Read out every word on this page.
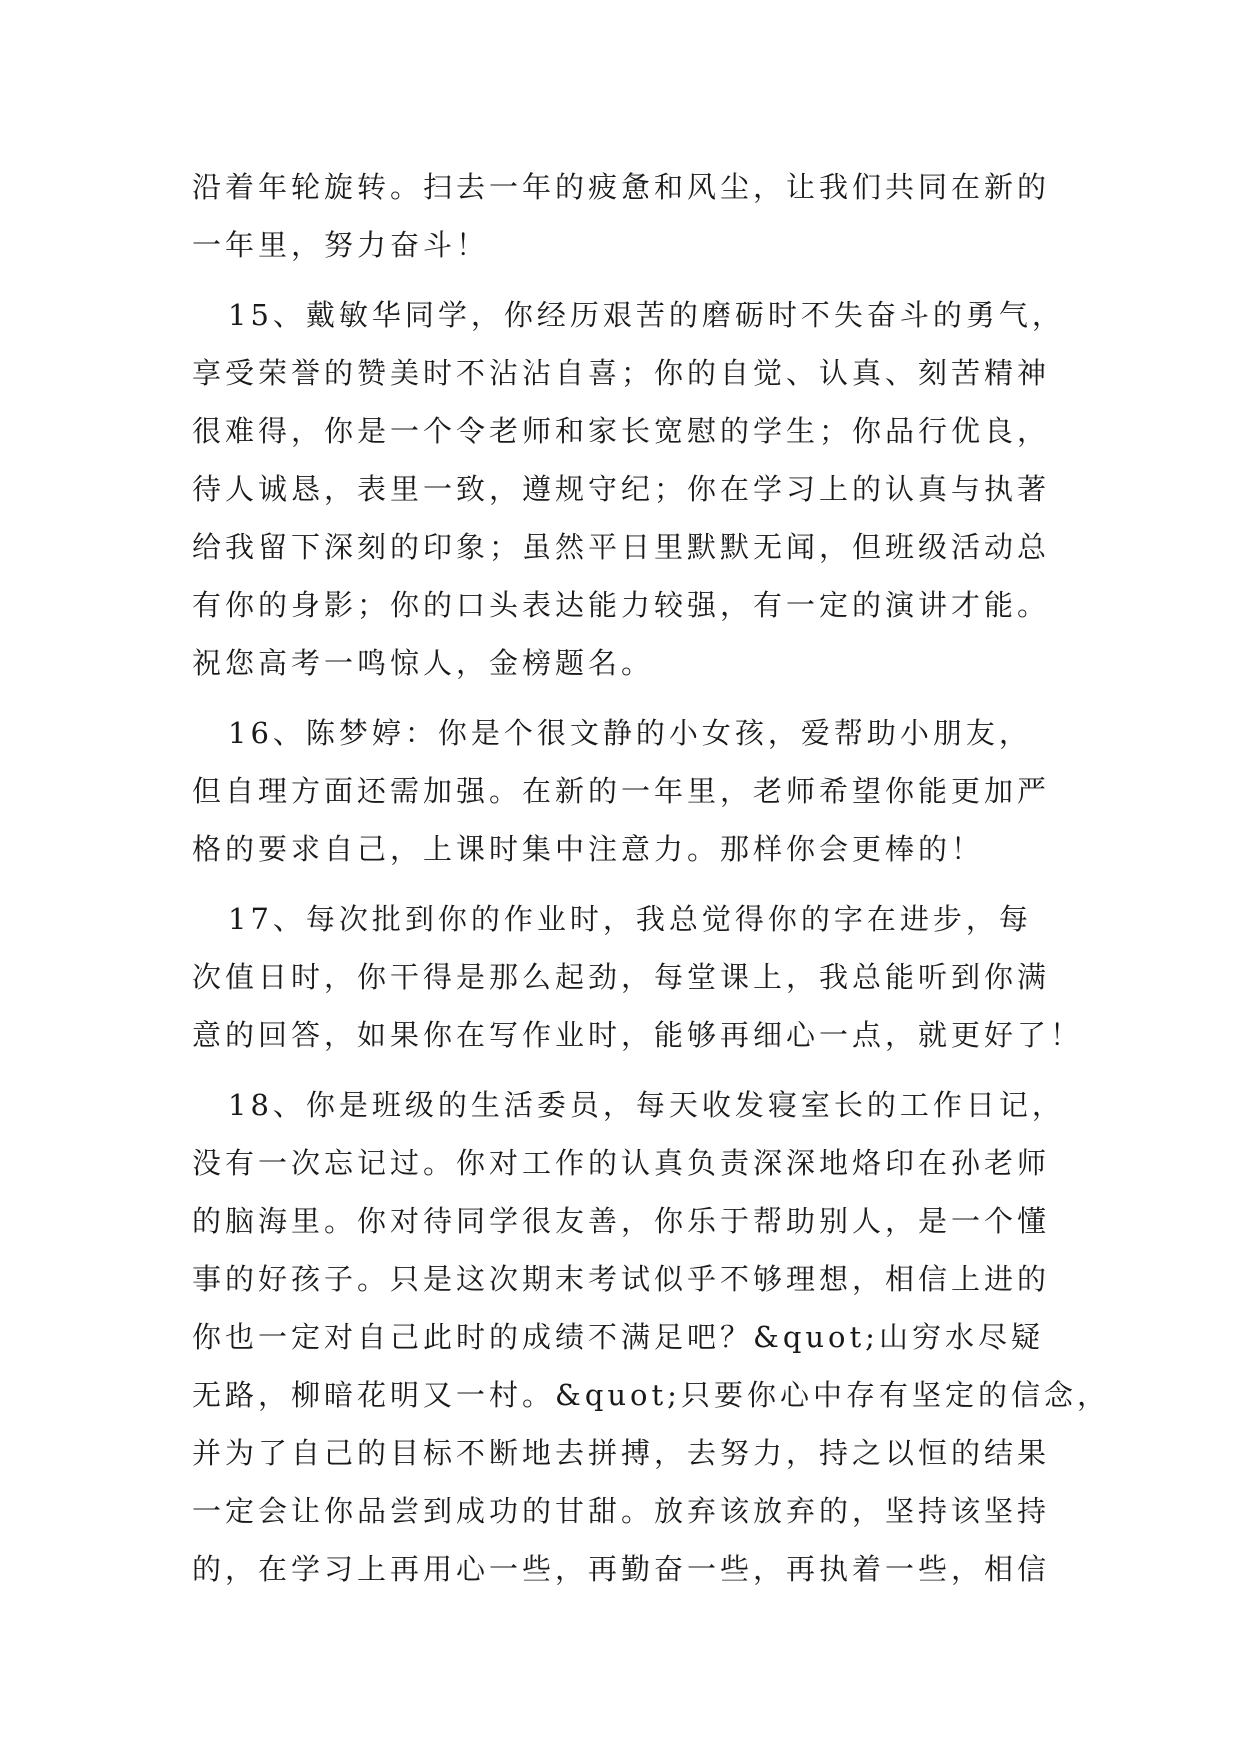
沿着年轮旋转。扫去一年的疲惫和风尘，让我们共同在新的
一年里，努力奋斗！
15、戴敏华同学，你经历艰苦的磨砺时不失奋斗的勇气，
享受荣誉的赞美时不沾沾自喜；你的自觉、认真、刻苦精神
很难得，你是一个令老师和家长宽慰的学生；你品行优良，
待人诚恳，表里一致，遵规守纪；你在学习上的认真与执著
给我留下深刻的印象；虽然平日里默默无闻，但班级活动总
有你的身影；你的口头表达能力较强，有一定的演讲才能。
祝您高考一鸣惊人，金榜题名。
16、陈梦婷：你是个很文静的小女孩，爱帮助小朋友，
但自理方面还需加强。在新的一年里，老师希望你能更加严
格的要求自己，上课时集中注意力。那样你会更棒的！
17、每次批到你的作业时，我总觉得你的字在进步，每
次值日时，你干得是那么起劲，每堂课上，我总能听到你满
意的回答，如果你在写作业时，能够再细心一点，就更好了！
18、你是班级的生活委员，每天收发寝室长的工作日记，
没有一次忘记过。你对工作的认真负责深深地烙印在孙老师
的脑海里。你对待同学很友善，你乐于帮助别人，是一个懂
事的好孩子。只是这次期末考试似乎不够理想，相信上进的
你也一定对自己此时的成绩不满足吧？&quot;山穷水尽疑
无路，柳暗花明又一村。&quot;只要你心中存有坚定的信念，
并为了自己的目标不断地去拼搏，去努力，持之以恒的结果
一定会让你品尝到成功的甘甜。放弃该放弃的，坚持该坚持
的，在学习上再用心一些，再勤奋一些，再执着一些，相信
